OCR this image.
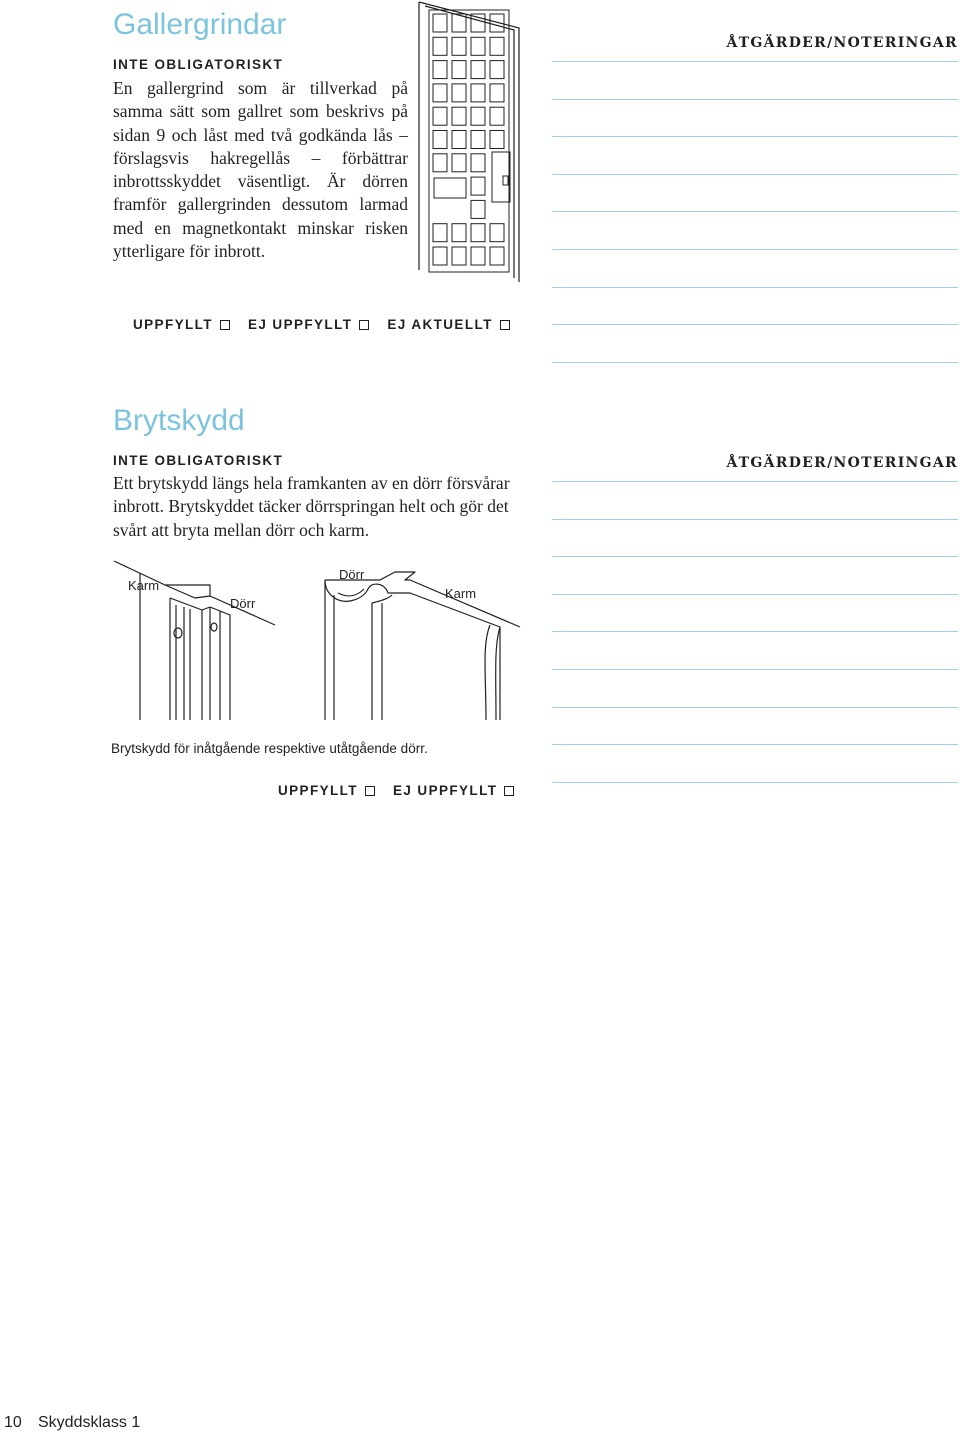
Gallergrindar
INTE OBLIGATORISKT
En gallergrind som är tillverkad på samma sätt som gallret som beskrivs på sidan 9 och låst med två godkända lås – förslagsvis hakregellås – förbättrar inbrottsskyddet väsentligt. Är dörren framför gallergrinden dessutom larmad med en magnetkontakt minskar risken ytterligare för inbrott.
ÅTGÄRDER/NOTERINGAR
UPPFYLLT	EJ UPPFYLLT	EJ AKTUELLT
Brytskydd
INTE OBLIGATORISKT
Ett brytskydd längs hela framkanten av en dörr försvårar inbrott. Brytskyddet täcker dörrspringan helt och gör det svårt att bryta mellan dörr och karm.
ÅTGÄRDER/NOTERINGAR
Karm
Dörr
Dörr
Karm
Brytskydd för inåtgående respektive utåtgående dörr.
UPPFYLLT	EJ UPPFYLLT
10 Skyddsklass 1
